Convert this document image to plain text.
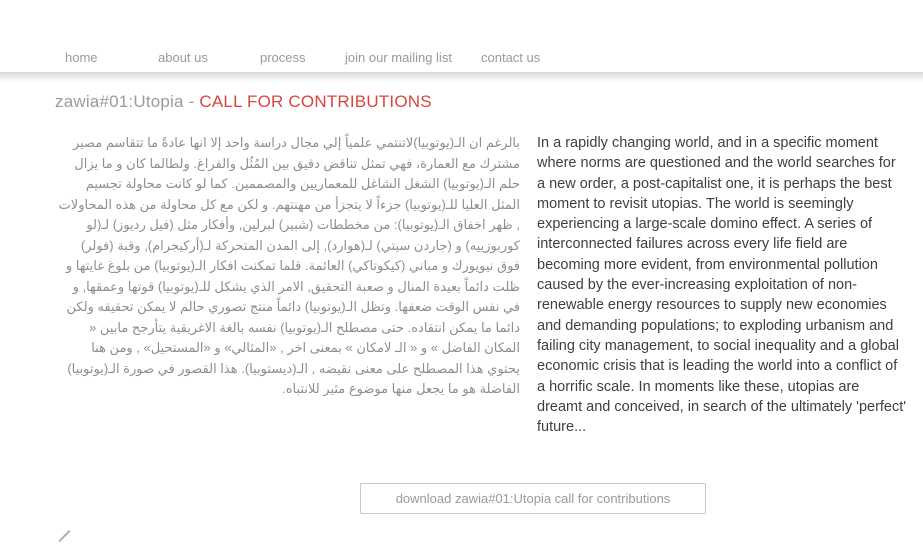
home	about us	process	join our mailing list contact us
zawia#01:Utopia - CALL FOR CONTRIBUTIONS
بالرغم ان الـ(يوتوبيا)لاتنتمي علمياً إلي مجال دراسة واحد إلا انها عادةً ما تتقاسم مصير مشترك مع العمارة، فهي تمثل تناقض دقيق بين المُثُل والفراغ. ولطالما كان و ما يزال حلم الـ(يوتوبيا) الشغل الشاغل للمعماريين والمصممين. كما لو كانت محاولة تجسيم المثل العليا للـ(يوتوبيا) جزءاً لا يتجزأ من مهنتهم. و لكن مع كل محاولة من هذه المحاولات , ظهر اخفاق الـ(يوتوبيا): من مخططات (شبير) لبرلين, وأفكار مثل (فيل رديوز) لـ(لو كوربوزييه) و (جاردن سيتي) لـ(هوارد), إلى المدن المتحركة لـ(أركيجرام), وقبة (فولر) فوق نيويورك و مباني (كيكوتاكي) العائمة. قلما تمكنت افكار الـ(يوتوبيا) من بلوغ غايتها و ظلت دائماً بعيدة المنال و صعبة التحقيق, الامر الذي يشكل للـ(يوتوبيا) قوتها وعمقها, و في نفس الوقت ضعفها. وتظل الـ(يوتوبيا) دائماً منتج تصوري حالم لا يمكن تحقيقه ولكن دائما ما يمكن انتقاده. حتى مصطلح الـ(يوتوبيا) نفسه بالغة الاغريقية يتأرجح مابين « المكان الفاضل » و « الـ لامكان » بمعنى اخر , «المثالي» و «المستحيل» , ومن هنا يحتوي هذا المصطلح على معنى نقيضه , الـ(ديستوبيا). هذا القصور في صورة الـ(يوتوبيا) الفاضلة هو ما يجعل منها موضوع مثير للانتباه.
In a rapidly changing world, and in a specific moment where norms are questioned and the world searches for a new order, a post-capitalist one, it is perhaps the best moment to revisit utopias. The world is seemingly experiencing a large-scale domino effect. A series of interconnected failures across every life field are becoming more evident, from environmental pollution caused by the ever-increasing exploitation of non-renewable energy resources to supply new economies and demanding populations; to exploding urbanism and failing city management, to social inequality and a global economic crisis that is leading the world into a conflict of a horrific scale. In moments like these, utopias are dreamt and conceived, in search of the ultimately 'perfect' future...
download zawia#01:Utopia call for contributions
